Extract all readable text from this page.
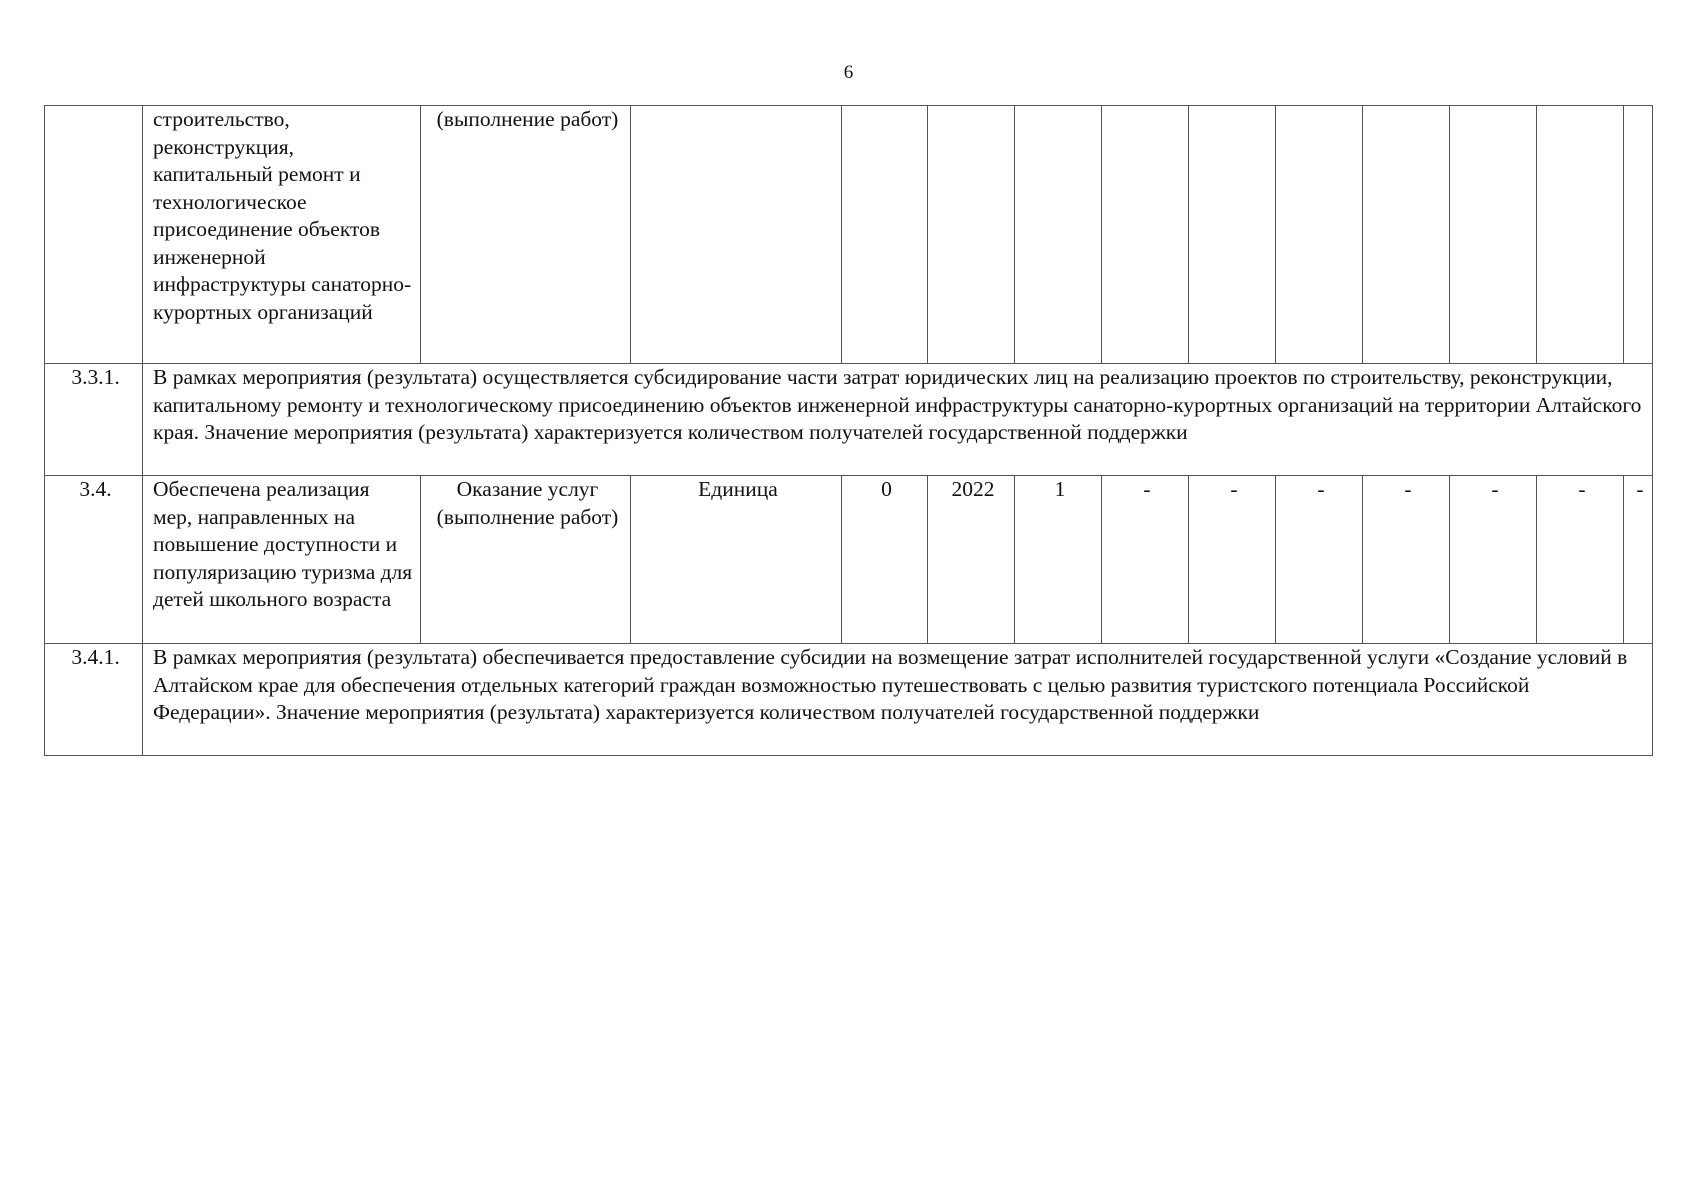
6
	строительство, реконструкция, капитальный ремонт и технологическое присоединение объектов инженерной инфраструктуры санаторно-курортных организаций	(выполнение работ)											
3.3.1.	В рамках мероприятия (результата) осуществляется субсидирование части затрат юридических лиц на реализацию проектов по строительству, реконструкции, капитальному ремонту и технологическому присоединению объектов инженерной инфраструктуры санаторно-курортных организаций на территории Алтайского края. Значение мероприятия (результата) характеризуется количеством получателей государственной поддержки												
3.4.	Обеспечена реализация мер, направленных на повышение доступности и популяризацию туризма для детей школьного возраста	Оказание услуг (выполнение работ)	Единица	0	2022	1	-	-	-	-	-	-	-
3.4.1.	В рамках мероприятия (результата) обеспечивается предоставление субсидии на возмещение затрат исполнителей государственной услуги «Создание условий в Алтайском крае для обеспечения отдельных категорий граждан возможностью путешествовать с целью развития туристского потенциала Российской Федерации». Значение мероприятия (результата) характеризуется количеством получателей государственной поддержки												
